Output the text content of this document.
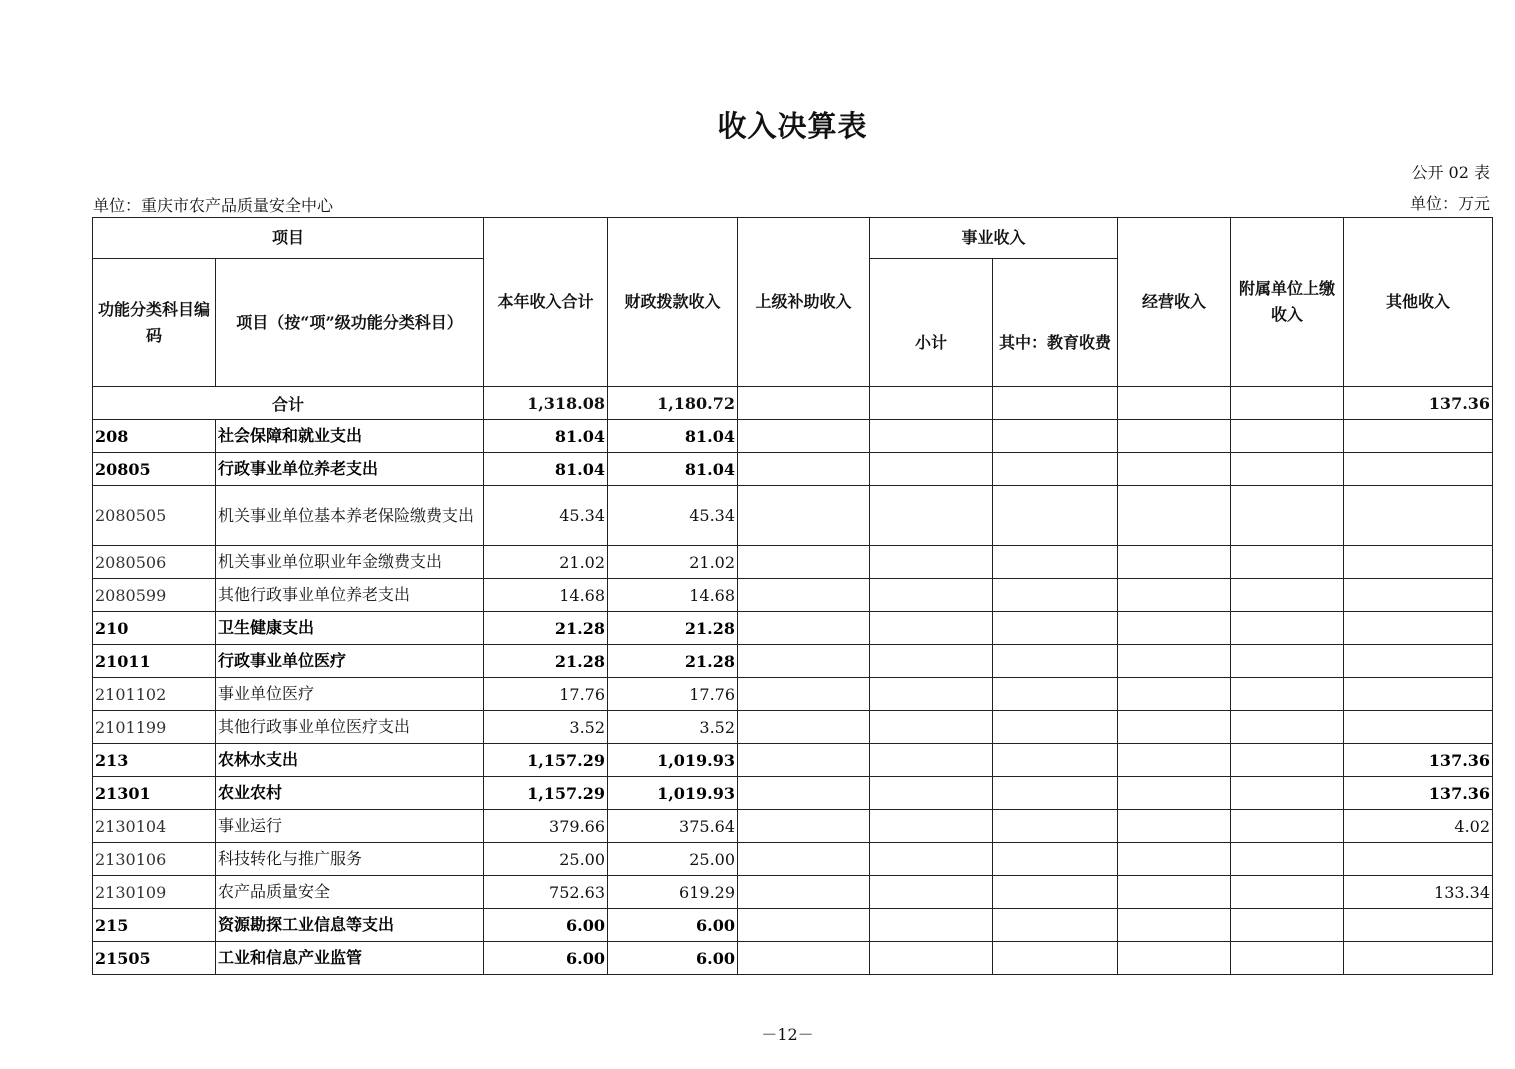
收入决算表
公开 02 表
单位：重庆市农产品质量安全中心	单位：万元
项目		本年收入合计	财政拨款收入	上级补助收入	事业收入		经营收入	附属单位上缴收入	其他收入
功能分类科目编码	项目（按“项”级功能分类科目）				小计	其中：教育收费			
合计		1,318.08	1,180.72						137.36
208	社会保障和就业支出	81.04	81.04						
20805	行政事业单位养老支出	81.04	81.04						
2080505	机关事业单位基本养老保险缴费支出	45.34	45.34						
2080506	机关事业单位职业年金缴费支出	21.02	21.02						
2080599	其他行政事业单位养老支出	14.68	14.68						
210	卫生健康支出	21.28	21.28						
21011	行政事业单位医疗	21.28	21.28						
2101102	事业单位医疗	17.76	17.76						
2101199	其他行政事业单位医疗支出	3.52	3.52						
213	农林水支出	1,157.29	1,019.93						137.36
21301	农业农村	1,157.29	1,019.93						137.36
2130104	事业运行	379.66	375.64						4.02
2130106	科技转化与推广服务	25.00	25.00						
2130109	农产品质量安全	752.63	619.29						133.34
215	资源勘探工业信息等支出	6.00	6.00						
21505	工业和信息产业监管	6.00	6.00						
－12－
